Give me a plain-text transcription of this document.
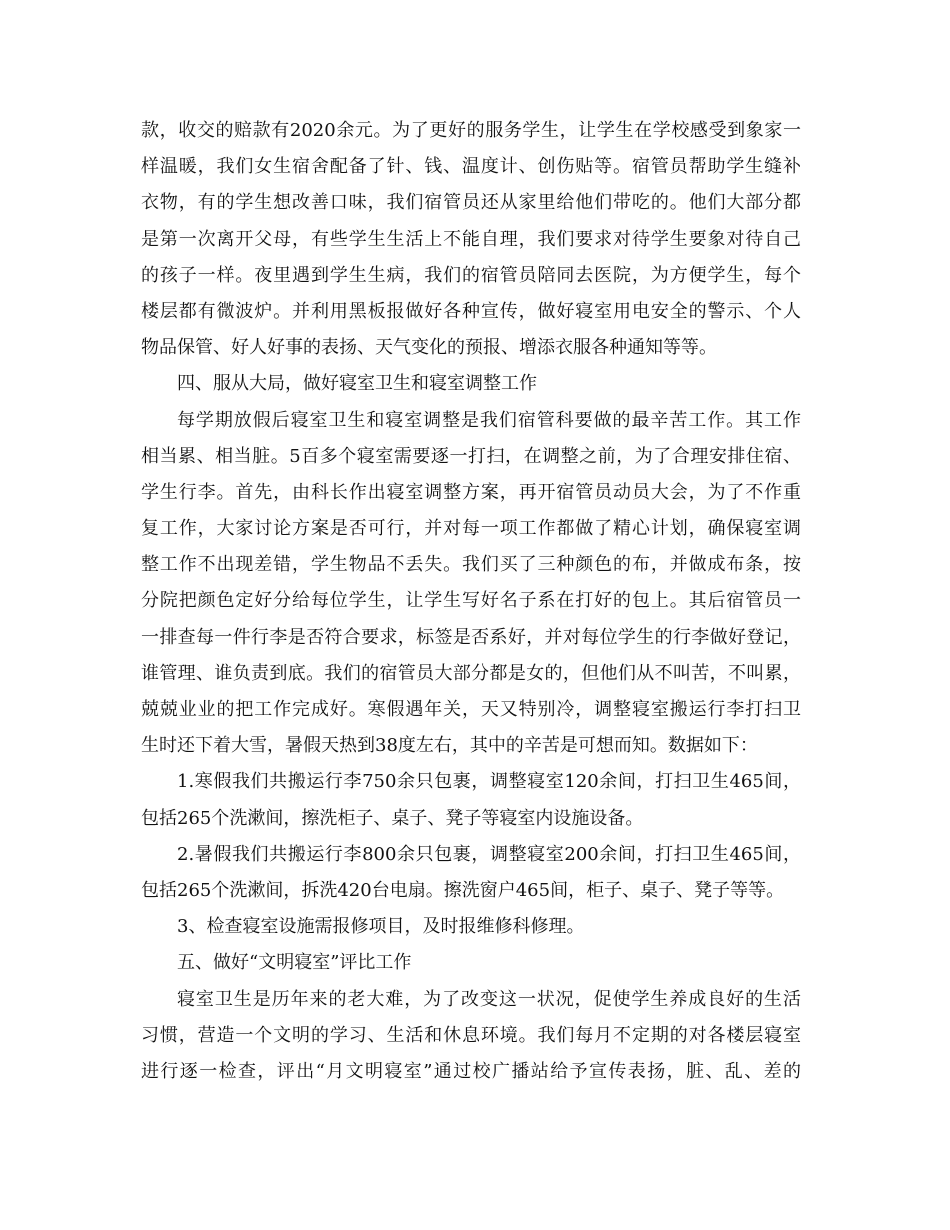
款，收交的赔款有2020余元。为了更好的服务学生，让学生在学校感受到象家一
样温暖，我们女生宿舍配备了针、钱、温度计、创伤贴等。宿管员帮助学生缝补
衣物，有的学生想改善口味，我们宿管员还从家里给他们带吃的。他们大部分都
是第一次离开父母，有些学生生活上不能自理，我们要求对待学生要象对待自己
的孩子一样。夜里遇到学生生病，我们的宿管员陪同去医院，为方便学生，每个
楼层都有微波炉。并利用黑板报做好各种宣传，做好寝室用电安全的警示、个人
物品保管、好人好事的表扬、天气变化的预报、增添衣服各种通知等等。
四、服从大局，做好寝室卫生和寝室调整工作
每学期放假后寝室卫生和寝室调整是我们宿管科要做的最辛苦工作。其工作
相当累、相当脏。5百多个寝室需要逐一打扫，在调整之前，为了合理安排住宿、
学生行李。首先，由科长作出寝室调整方案，再开宿管员动员大会，为了不作重
复工作，大家讨论方案是否可行，并对每一项工作都做了精心计划，确保寝室调
整工作不出现差错，学生物品不丢失。我们买了三种颜色的布，并做成布条，按
分院把颜色定好分给每位学生，让学生写好名子系在打好的包上。其后宿管员一
一排查每一件行李是否符合要求，标签是否系好，并对每位学生的行李做好登记，
谁管理、谁负责到底。我们的宿管员大部分都是女的，但他们从不叫苦，不叫累，
兢兢业业的把工作完成好。寒假遇年关，天又特别冷，调整寝室搬运行李打扫卫
生时还下着大雪，暑假天热到38度左右，其中的辛苦是可想而知。数据如下：
1.寒假我们共搬运行李750余只包裹，调整寝室120余间，打扫卫生465间，
包括265个洗漱间，擦洗柜子、桌子、凳子等寝室内设施设备。
2.暑假我们共搬运行李800余只包裹，调整寝室200余间，打扫卫生465间，
包括265个洗漱间，拆洗420台电扇。擦洗窗户465间，柜子、桌子、凳子等等。
3、检查寝室设施需报修项目，及时报维修科修理。
五、做好“文明寝室”评比工作
寝室卫生是历年来的老大难，为了改变这一状况，促使学生养成良好的生活
习惯，营造一个文明的学习、生活和休息环境。我们每月不定期的对各楼层寝室
进行逐一检查，评出“月文明寝室”通过校广播站给予宣传表扬，脏、乱、差的
